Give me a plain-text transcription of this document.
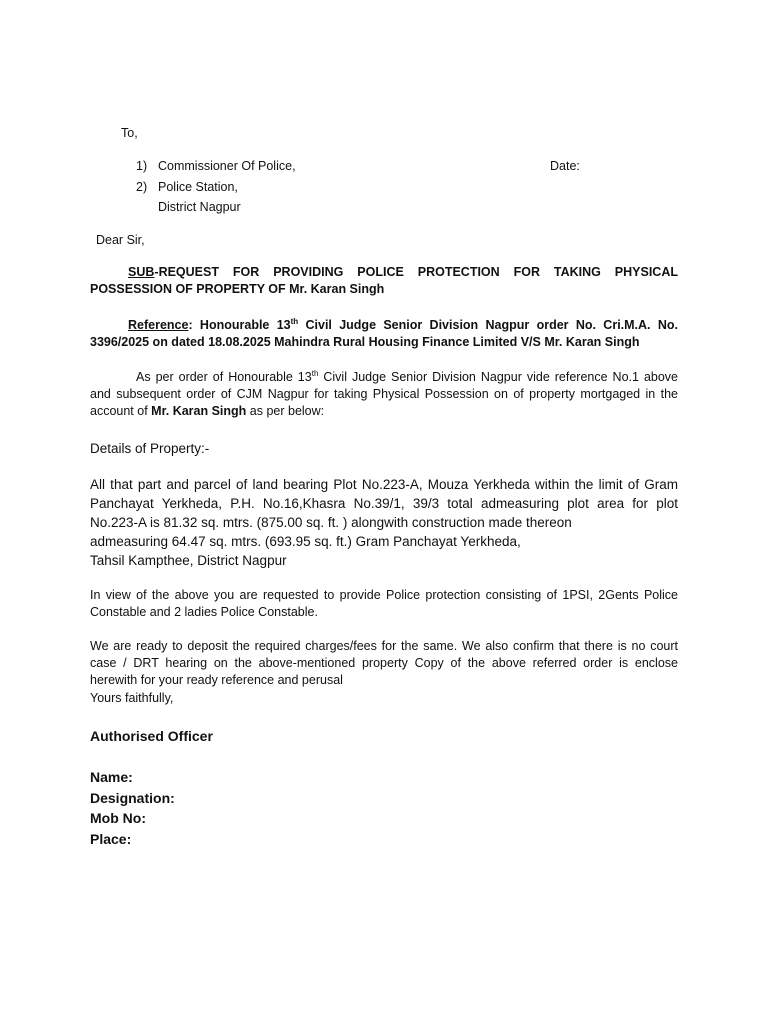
To,
1) Commissioner Of Police,	Date:
2) Police Station,
District Nagpur
Dear Sir,
SUB-REQUEST FOR PROVIDING POLICE PROTECTION FOR TAKING PHYSICAL POSSESSION OF PROPERTY OF Mr. Karan Singh
Reference: Honourable 13th Civil Judge Senior Division Nagpur order No. Cri.M.A. No. 3396/2025 on dated 18.08.2025 Mahindra Rural Housing Finance Limited V/S Mr. Karan Singh
As per order of Honourable 13th Civil Judge Senior Division Nagpur vide reference No.1 above and subsequent order of CJM Nagpur for taking Physical Possession on of property mortgaged in the account of Mr. Karan Singh as per below:
Details of Property:-
All that part and parcel of land bearing Plot No.223-A, Mouza Yerkheda within the limit of Gram Panchayat Yerkheda, P.H. No.16,Khasra No.39/1, 39/3 total admeasuring plot area for plot No.223-A is 81.32 sq. mtrs. (875.00 sq. ft. ) alongwith construction made thereon
admeasuring 64.47 sq. mtrs. (693.95 sq. ft.) Gram Panchayat Yerkheda,
Tahsil Kampthee, District Nagpur
In view of the above you are requested to provide Police protection consisting of 1PSI, 2Gents Police Constable and 2 ladies Police Constable.
We are ready to deposit the required charges/fees for the same. We also confirm that there is no court case / DRT hearing on the above-mentioned property Copy of the above referred order is enclose herewith for your ready reference and perusal
Yours faithfully,
Authorised Officer
Name:
Designation:
Mob No:
Place:
